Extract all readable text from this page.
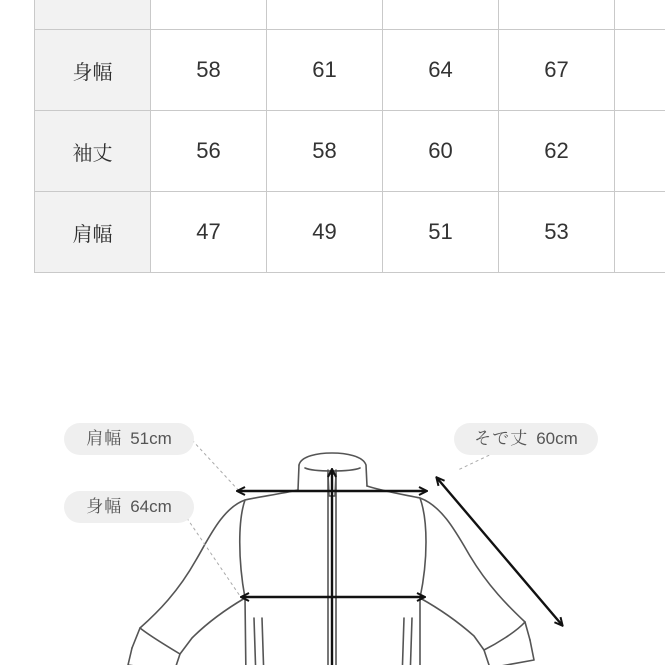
身幅	58	61	64	67	
袖丈	56	58	60	62	
肩幅	47	49	51	53	
肩幅 51cm
身幅 64cm
そで丈 60cm
